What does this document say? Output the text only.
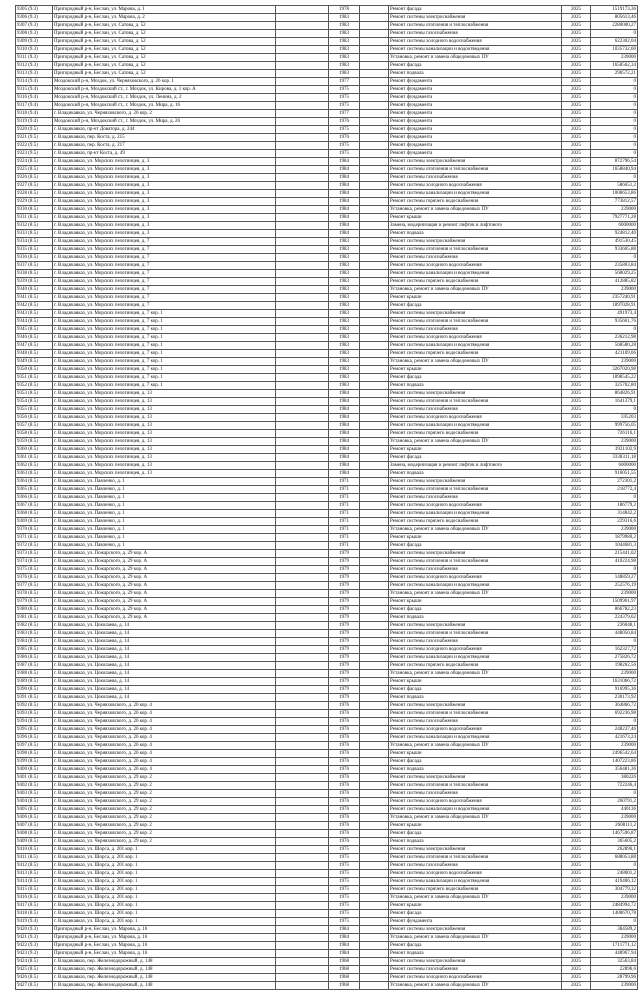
9305 (9.3)	Пригородный р-н, Беслан, ул. Марова, д. 1		1978		Ремонт фасада	2025	1519173,36
9306 (9.3)	Пригородный р-н, Беслан, ул. Марова, д. 2		1983		Ремонт системы электроснабжения	2025	805613,46
9307 (9.3)	Пригородный р-н, Беслан, ул. Сатова, д. 52		1983		Ремонт системы отопления и теплоснабжения	2025	2280000,27
9308 (9.3)	Пригородный р-н, Беслан, ул. Сатова, д. 52		1983		Ремонт системы газоснабжения	2025	0
9309 (9.3)	Пригородный р-н, Беслан, ул. Сатова, д. 52		1983		Ремонт системы холодного водоснабжения	2025	622302,04
9310 (9.3)	Пригородный р-н, Беслан, ул. Сатова, д. 52		1983		Ремонт системы канализации и водоотведения	2025	1035732,60
9311 (9.3)	Пригородный р-н, Беслан, ул. Сатова, д. 52		1983		Установка, ремонт и замена общедомовых ПУ	2025	239000
9312 (9.3)	Пригородный р-н, Беслан, ул. Сатова, д. 52		1983		Ремонт фасада	2025	1658562,34
9313 (9.3)	Пригородный р-н, Беслан, ул. Сатова, д. 52		1983		Ремонт подвала	2025	290572,21
9314 (9.4)	Моздокский р-н, Моздок, ул. Черняховского, д. 26 кор. 1		1977		Ремонт фундамента	2025	0
9315 (9.4)	Моздокский р-н, Моздокский ст., г. Моздок, ул. Кирова, д. 1 кор. А		1975		Ремонт фундамента	2025	0
9316 (9.4)	Моздокский р-н, Моздокский ст., г. Моздок, ул. Ленина, д. 2		1975		Ремонт фундамента	2025	0
9317 (9.4)	Моздокский р-н, Моздокский ст., г. Моздок, ул. Мира, д. 16		1975		Ремонт фундамента	2025	0
9318 (9.4)	г. Владикавказ, ул. Черняховского, д. 26 кор. 2		1977		Ремонт фундамента	2025	0
9319 (9.4)	Моздокский р-н, Моздокский ст., г. Моздок, ул. Мира, д. 26		1976		Ремонт фундамента	2025	0
9320 (9.5)	г. Владикавказ, пр-кт Доватора, д. 244		1975		Ремонт фундамента	2025	0
9321 (9.5)	г. Владикавказ, пер. Коста, д. 215		1976		Ремонт фундамента	2025	0
9322 (9.5)	г. Владикавказ, пер. Коста, д. 217		1975		Ремонт фундамента	2025	0
9323 (9.5)	г. Владикавказ, пр-кт Коста, д. 49		1975		Ремонт фундамента	2025	0
9324 (8.5)	г. Владикавказ, ул. Морских пехотинцев, д. 3		1984		Ремонт системы электроснабжения	2025	872796,54
9325 (8.5)	г. Владикавказ, ул. Морских пехотинцев, д. 3		1984		Ремонт системы отопления и теплоснабжения	2025	1658840,94
9326 (8.5)	г. Владикавказ, ул. Морских пехотинцев, д. 3		1984		Ремонт системы газоснабжения	2025	0
9327 (8.5)	г. Владикавказ, ул. Морских пехотинцев, д. 3		1984		Ремонт системы холодного водоснабжения	2025	586651,2
9328 (8.5)	г. Владикавказ, ул. Морских пехотинцев, д. 3		1984		Ремонт системы канализации и водоотведения	2025	1008653,86
9329 (8.5)	г. Владикавказ, ул. Морских пехотинцев, д. 3		1984		Ремонт системы горячего водоснабжения	2025	773812,57
9330 (8.5)	г. Владикавказ, ул. Морских пехотинцев, д. 3		1984		Установка, ремонт и замена общедомовых ПУ	2025	239000
9331 (8.5)	г. Владикавказ, ул. Морских пехотинцев, д. 3		1984		Ремонт крыши	2025	7927771,28
9332 (8.5)	г. Владикавказ, ул. Морских пехотинцев, д. 3		1984		Замена, модернизация и ремонт лифтов и лифтового	2025	6000000
9333 (8.5)	г. Владикавказ, ул. Морских пехотинцев, д. 3		1984		Ремонт подвала	2025	924812,40
9334 (8.5)	г. Владикавказ, ул. Морских пехотинцев, д. 7		1983		Ремонт системы электроснабжения	2025	491530,45
9335 (8.5)	г. Владикавказ, ул. Морских пехотинцев, д. 7		1983		Ремонт системы отопления и теплоснабжения	2025	933605,88
9336 (8.5)	г. Владикавказ, ул. Морских пехотинцев, д. 7		1983		Ремонт системы газоснабжения	2025	0
9337 (8.5)	г. Владикавказ, ул. Морских пехотинцев, д. 7		1983		Ремонт системы холодного водоснабжения	2025	235803,84
9338 (8.5)	г. Владикавказ, ул. Морских пехотинцев, д. 7		1983		Ремонт системы канализации и водоотведения	2025	568029,25
9339 (8.5)	г. Владикавказ, ул. Морских пехотинцев, д. 7		1983		Ремонт системы горячего водоснабжения	2025	412885,82
9340 (8.5)	г. Владикавказ, ул. Морских пехотинцев, д. 7		1983		Установка, ремонт и замена общедомовых ПУ	2025	239000
9341 (8.5)	г. Владикавказ, ул. Морских пехотинцев, д. 7		1983		Ремонт крыши	2025	2357240,91
9342 (8.5)	г. Владикавказ, ул. Морских пехотинцев, д. 7		1983		Ремонт фасада	2025	1897028,91
9343 (8.5)	г. Владикавказ, ул. Морских пехотинцев, д. 7 кор. 1		1983		Ремонт системы электроснабжения	2025	491973,4
9344 (8.5)	г. Владикавказ, ул. Морских пехотинцев, д. 7 кор. 1		1983		Ремонт системы отопления и теплоснабжения	2025	935661,76
9345 (8.5)	г. Владикавказ, ул. Морских пехотинцев, д. 7 кор. 1		1983		Ремонт системы газоснабжения	2025	0
9346 (8.5)	г. Владикавказ, ул. Морских пехотинцев, д. 7 кор. 1		1983		Ремонт системы холодного водоснабжения	2025	236212,98
9347 (8.5)	г. Владикавказ, ул. Морских пехотинцев, д. 7 кор. 1		1983		Ремонт системы канализации и водоотведения	2025	568580,28
9348 (8.5)	г. Владикавказ, ул. Морских пехотинцев, д. 7 кор. 1		1983		Ремонт системы горячего водоснабжения	2025	421109,06
9349 (8.5)	г. Владикавказ, ул. Морских пехотинцев, д. 7 кор. 1		1983		Установка, ремонт и замена общедомовых ПУ	2025	239000
9350 (8.5)	г. Владикавказ, ул. Морских пехотинцев, д. 7 кор. 1		1983		Ремонт крыши	2025	3267020,98
9351 (8.5)	г. Владикавказ, ул. Морских пехотинцев, д. 7 кор. 1		1983		Ремонт фасада	2025	1898545,22
9352 (8.5)	г. Владикавказ, ул. Морских пехотинцев, д. 7 кор. 1		1983		Ремонт подвала	2025	325702,80
9353 (8.5)	г. Владикавказ, ул. Морских пехотинцев, д. 13		1984		Ремонт системы электроснабжения	2025	864826,91
9354 (8.5)	г. Владикавказ, ул. Морских пехотинцев, д. 13		1984		Ремонт системы отопления и теплоснабжения	2025	1641379,1
9355 (8.5)	г. Владикавказ, ул. Морских пехотинцев, д. 13		1984		Ремонт системы газоснабжения	2025	0
9356 (8.5)	г. Владикавказ, ул. Морских пехотинцев, д. 13		1984		Ремонт системы холодного водоснабжения	2025	595203
9357 (8.5)	г. Владикавказ, ул. Морских пехотинцев, д. 13		1984		Ремонт системы канализации и водоотведения	2025	999756,05
9358 (8.5)	г. Владикавказ, ул. Морских пехотинцев, д. 13		1984		Ремонт системы горячего водоснабжения	2025	726116,1
9359 (8.5)	г. Владикавказ, ул. Морских пехотинцев, д. 13		1984		Установка, ремонт и замена общедомовых ПУ	2025	239000
9360 (8.5)	г. Владикавказ, ул. Морских пехотинцев, д. 13		1984		Ремонт крыши	2025	3921102,9
9361 (8.5)	г. Владикавказ, ул. Морских пехотинцев, д. 13		1984		Ремонт фасада	2025	3338311,18
9362 (8.5)	г. Владикавказ, ул. Морских пехотинцев, д. 13		1984		Замена, модернизация и ремонт лифтов и лифтового	2025	6000000
9363 (8.5)	г. Владикавказ, ул. Морских пехотинцев, д. 13		1984		Ремонт подвала	2025	916051,55
9364 (8.5)	г. Владикавказ, ул. Павленко, д. 1		1971		Ремонт системы электроснабжения	2025	272301,2
9365 (8.5)	г. Владикавказ, ул. Павленко, д. 1		1971		Ремонт системы отопления и теплоснабжения	2025	218772,4
9366 (8.5)	г. Владикавказ, ул. Павленко, д. 1		1971		Ремонт системы газоснабжения	2025	0
9367 (8.5)	г. Владикавказ, ул. Павленко, д. 1		1971		Ремонт системы холодного водоснабжения	2025	186779,2
9368 (8.5)	г. Владикавказ, ул. Павленко, д. 1		1971		Ремонт системы канализации и водоотведения	2025	314842,2
9369 (8.5)	г. Владикавказ, ул. Павленко, д. 1		1971		Ремонт системы горячего водоснабжения	2025	229316,6
9370 (8.5)	г. Владикавказ, ул. Павленко, д. 1		1971		Установка, ремонт и замена общедомовых ПУ	2025	239000
9371 (8.5)	г. Владикавказ, ул. Павленко, д. 1		1971		Ремонт крыши	2025	1879980,2
9372 (8.5)	г. Владикавказ, ул. Павленко, д. 1		1971		Ремонт фасада	2025	1044681,3
9373 (8.5)	г. Владикавказ, ул. Пожарского, д. 29 кор. А		1979		Ремонт системы электроснабжения	2025	215441,02
9374 (8.5)	г. Владикавказ, ул. Пожарского, д. 29 кор. А		1979		Ремонт системы отопления и теплоснабжения	2025	410224,98
9375 (8.5)	г. Владикавказ, ул. Пожарского, д. 29 кор. А		1979		Ремонт системы газоснабжения	2025	0
9376 (8.5)	г. Владикавказ, ул. Пожарского, д. 29 кор. А		1979		Ремонт системы холодного водоснабжения	2025	148859,27
9377 (8.5)	г. Владикавказ, ул. Пожарского, д. 29 кор. А		1979		Ремонт системы канализации и водоотведения	2025	252576,19
9378 (8.5)	г. Владикавказ, ул. Пожарского, д. 29 кор. А		1979		Установка, ремонт и замена общедомовых ПУ	2025	239000
9379 (8.5)	г. Владикавказ, ул. Пожарского, д. 29 кор. А		1979		Ремонт крыши	2025	1509961,97
9380 (8.5)	г. Владикавказ, ул. Пожарского, д. 29 кор. А		1979		Ремонт фасада	2025	866782,23
9381 (8.5)	г. Владикавказ, ул. Пожарского, д. 29 кор. А		1979		Ремонт подвала	2025	224379,62
9382 (8.5)	г. Владикавказ, ул. Цоколаева, д. 14		1979		Ремонт системы электроснабжения	2025	236048,1
9383 (8.5)	г. Владикавказ, ул. Цоколаева, д. 14		1979		Ремонт системы отопления и теплоснабжения	2025	448050,84
9384 (8.5)	г. Владикавказ, ул. Цоколаева, д. 14		1979		Ремонт системы газоснабжения	2025	0
9385 (8.5)	г. Владикавказ, ул. Цоколаева, д. 14		1979		Ремонт системы холодного водоснабжения	2025	162327,72
9386 (8.5)	г. Владикавказ, ул. Цоколаева, д. 14		1979		Ремонт системы канализации и водоотведения	2025	275826,72
9387 (8.5)	г. Владикавказ, ул. Цоколаева, д. 14		1979		Ремонт системы горячего водоснабжения	2025	198262,56
9388 (8.5)	г. Владикавказ, ул. Цоколаева, д. 14		1979		Установка, ремонт и замена общедомовых ПУ	2025	239000
9389 (8.5)	г. Владикавказ, ул. Цоколаева, д. 14		1979		Ремонт крыши	2025	1631066,72
9390 (8.5)	г. Владикавказ, ул. Цоколаева, д. 14		1979		Ремонт фасада	2025	916995,36
9391 (8.5)	г. Владикавказ, ул. Цоколаева, д. 14		1979		Ремонт подвала	2025	230173,92
9392 (8.5)	г. Владикавказ, ул. Черняховского, д. 26 кор. 4		1976		Ремонт системы электроснабжения	2025	364866,72
9393 (8.5)	г. Владикавказ, ул. Черняховского, д. 26 кор. 4		1976		Ремонт системы отопления и теплоснабжения	2025	692236,98
9394 (8.5)	г. Владикавказ, ул. Черняховского, д. 26 кор. 4		1976		Ремонт системы газоснабжения	2025	0
9395 (8.5)	г. Владикавказ, ул. Черняховского, д. 26 кор. 4		1976		Ремонт системы холодного водоснабжения	2025	248237,46
9396 (8.5)	г. Владикавказ, ул. Черняховского, д. 26 кор. 4		1976		Ремонт системы канализации и водоотведения	2025	421673,24
9397 (8.5)	г. Владикавказ, ул. Черняховского, д. 26 кор. 4		1976		Установка, ремонт и замена общедомовых ПУ	2025	239000
9398 (8.5)	г. Владикавказ, ул. Черняховского, д. 26 кор. 4		1976		Ремонт крыши	2025	2496542,64
9399 (8.5)	г. Владикавказ, ул. Черняховского, д. 26 кор. 4		1976		Ремонт фасада	2025	1407223,86
9400 (8.5)	г. Владикавказ, ул. Черняховского, д. 26 кор. 4		1976		Ремонт подвала	2025	356481,36
9401 (8.5)	г. Владикавказ, ул. Черняховского, д. 29 кор. 2		1976		Ремонт системы электроснабжения	2025	380226
9402 (8.5)	г. Владикавказ, ул. Черняховского, д. 29 кор. 2		1976		Ремонт системы отопления и теплоснабжения	2025	722246,4
9403 (8.5)	г. Владикавказ, ул. Черняховского, д. 29 кор. 2		1976		Ремонт системы газоснабжения	2025	0
9404 (8.5)	г. Владикавказ, ул. Черняховского, д. 29 кор. 2		1976		Ремонт системы холодного водоснабжения	2025	260791,2
9405 (8.5)	г. Владикавказ, ул. Черняховского, д. 29 кор. 2		1976		Ремонт системы канализации и водоотведения	2025	440136
9406 (8.5)	г. Владикавказ, ул. Черняховского, д. 29 кор. 2		1976		Установка, ремонт и замена общедомовых ПУ	2025	239000
9407 (8.5)	г. Владикавказ, ул. Черняховского, д. 29 кор. 2		1976		Ремонт крыши	2025	2608111,2
9408 (8.5)	г. Владикавказ, ул. Черняховского, д. 29 кор. 2		1976		Ремонт фасада	2025	1467596,87
9409 (8.5)	г. Владикавказ, ул. Черняховского, д. 29 кор. 2		1976		Ремонт подвала	2025	365605,2
9410 (8.5)	г. Владикавказ, ул. Шорса, д. 201 кор. 1		1975		Ремонт системы электроснабжения	2025	262896,1
9411 (8.5)	г. Владикавказ, ул. Шорса, д. 201 кор. 1		1975		Ремонт системы отопления и теплоснабжения	2025	688053,88
9412 (8.5)	г. Владикавказ, ул. Шорса, д. 201 кор. 1		1975		Ремонт системы газоснабжения	2025	0
9413 (8.5)	г. Владикавказ, ул. Шорса, д. 201 кор. 1		1975		Ремонт системы холодного водоснабжения	2025	248001,2
9414 (8.5)	г. Владикавказ, ул. Шорса, д. 201 кор. 1		1975		Ремонт системы канализации и водоотведения	2025	419406,12
9415 (8.5)	г. Владикавказ, ул. Шорса, д. 201 кор. 1		1975		Ремонт системы горячего водоснабжения	2025	304779,32
9416 (8.5)	г. Владикавказ, ул. Шорса, д. 201 кор. 1		1975		Установка, ремонт и замена общедомовых ПУ	2025	239000
9417 (8.5)	г. Владикавказ, ул. Шорса, д. 201 кор. 1		1975		Ремонт крыши	2025	2484994,72
9418 (8.5)	г. Владикавказ, ул. Шорса, д. 201 кор. 1		1975		Ремонт фасада	2025	1400670,78
9419 (9.4)	г. Владикавказ, ул. Шорса, д. 201 кор. 1		1975		Ремонт фундамента	2025	0
9420 (9.3)	Пригородный р-н, Беслан, ул. Марова, д. 16		1984		Ремонт системы электроснабжения	2025	384589,2
9421 (9.3)	Пригородный р-н, Беслан, ул. Марова, д. 16		1984		Установка, ремонт и замена общедомовых ПУ	2025	239000
9422 (9.3)	Пригородный р-н, Беслан, ул. Марова, д. 16		1984		Ремонт фасада	2025	1711771,12
9423 (9.3)	Пригородный р-н, Беслан, ул. Марова, д. 16		1984		Ремонт подвала	2025	448967,94
9424 (8.5)	г. Владикавказ, пер. Железнодорожный, д. 148		1968		Ремонт системы электроснабжения	2025	32563,84
9425 (8.5)	г. Владикавказ, пер. Железнодорожный, д. 148		1968		Ремонт системы газоснабжения	2025	22896,6
9426 (8.5)	г. Владикавказ, пер. Железнодорожный, д. 148		1968		Ремонт системы холодного водоснабжения	2025	28799,96
9427 (8.5)	г. Владикавказ, пер. Железнодорожный, д. 148		1968		Установка, ремонт и замена общедомовых ПУ	2025	239000
